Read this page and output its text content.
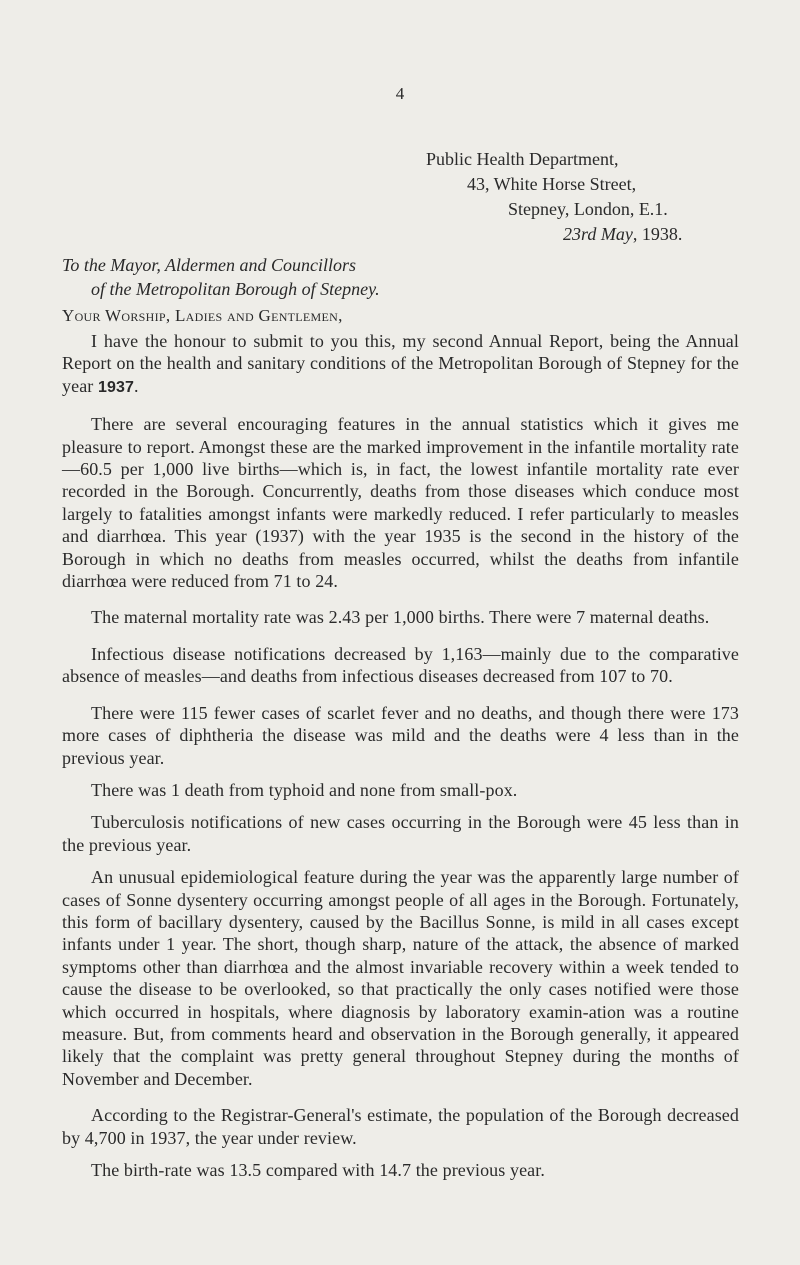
4
Public Health Department,
43, White Horse Street,
Stepney, London, E.1.
23rd May, 1938.
To the Mayor, Aldermen and Councillors
of the Metropolitan Borough of Stepney.
Your Worship, Ladies and Gentlemen,

I have the honour to submit to you this, my second Annual Report, being the Annual Report on the health and sanitary conditions of the Metropolitan Borough of Stepney for the year 1937.

There are several encouraging features in the annual statistics which it gives me pleasure to report. Amongst these are the marked improvement in the infantile mortality rate—60.5 per 1,000 live births—which is, in fact, the lowest infantile mortality rate ever recorded in the Borough. Concurrently, deaths from those diseases which conduce most largely to fatalities amongst infants were markedly reduced. I refer particularly to measles and diarrhœa. This year (1937) with the year 1935 is the second in the history of the Borough in which no deaths from measles occurred, whilst the deaths from infantile diarrhœa were reduced from 71 to 24.

The maternal mortality rate was 2.43 per 1,000 births. There were 7 maternal deaths.

Infectious disease notifications decreased by 1,163—mainly due to the comparative absence of measles—and deaths from infectious diseases decreased from 107 to 70.

There were 115 fewer cases of scarlet fever and no deaths, and though there were 173 more cases of diphtheria the disease was mild and the deaths were 4 less than in the previous year.

There was 1 death from typhoid and none from small-pox.

Tuberculosis notifications of new cases occurring in the Borough were 45 less than in the previous year.

An unusual epidemiological feature during the year was the apparently large number of cases of Sonne dysentery occurring amongst people of all ages in the Borough. Fortunately, this form of bacillary dysentery, caused by the Bacillus Sonne, is mild in all cases except infants under 1 year. The short, though sharp, nature of the attack, the absence of marked symptoms other than diarrhœa and the almost invariable recovery within a week tended to cause the disease to be overlooked, so that practically the only cases notified were those which occurred in hospitals, where diagnosis by laboratory examin-ation was a routine measure. But, from comments heard and observation in the Borough generally, it appeared likely that the complaint was pretty general throughout Stepney during the months of November and December.

According to the Registrar-General's estimate, the population of the Borough decreased by 4,700 in 1937, the year under review.

The birth-rate was 13.5 compared with 14.7 the previous year.
